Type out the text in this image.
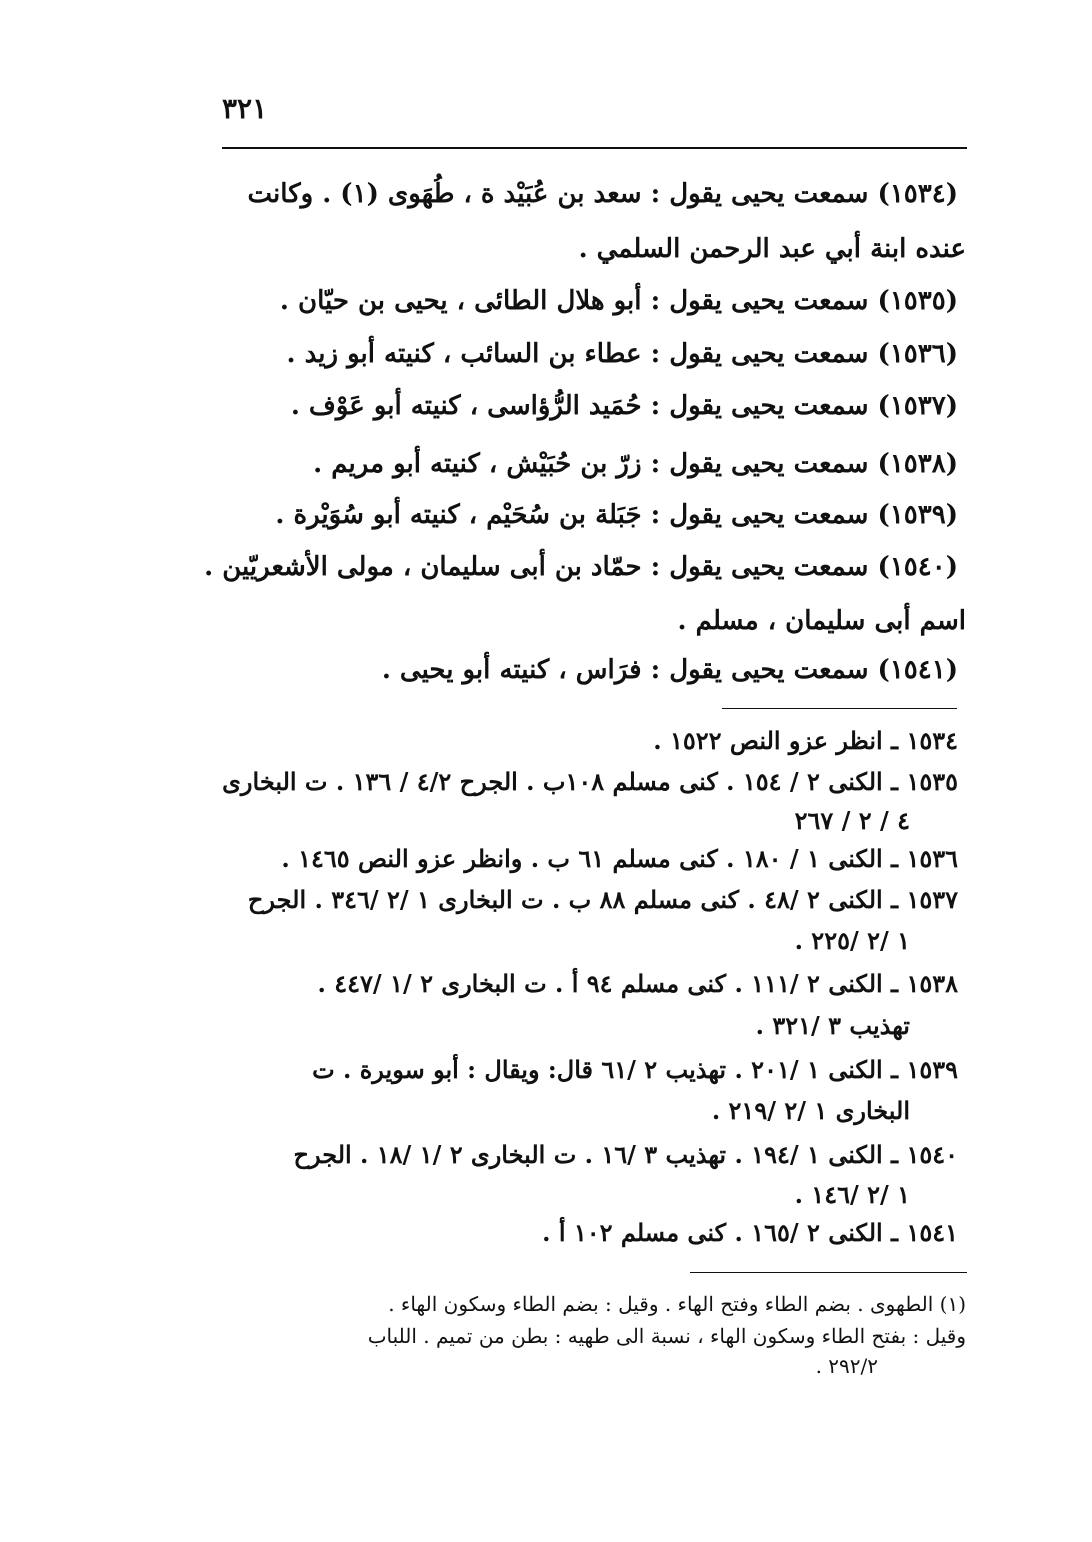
٣٢١
(١٥٣٤) سمعت يحيى يقول : سعد بن عُبَيْد ة ، طُهَوى (١) . وكانت
عنده ابنة أبي عبد الرحمن السلمي .
(١٥٣٥) سمعت يحيى يقول : أبو هلال الطائى ، يحيى بن حيّان .
(١٥٣٦) سمعت يحيى يقول : عطاء بن السائب ، كنيته أبو زيد .
(١٥٣٧) سمعت يحيى يقول : حُمَيد الرُّؤاسى ، كنيته أبو عَوْف .
(١٥٣٨) سمعت يحيى يقول : زرّ بن حُبَيْش ، كنيته أبو مريم .
(١٥٣٩) سمعت يحيى يقول : جَبَلة بن سُحَيْم ، كنيته أبو سُوَيْرة .
(١٥٤٠) سمعت يحيى يقول : حمّاد بن أبى سليمان ، مولى الأشعريّين .
اسم أبى سليمان ، مسلم .
(١٥٤١) سمعت يحيى يقول : فرَاس ، كنيته أبو يحيى .
١٥٣٤ ـ انظر عزو النص ١٥٢٢ .
١٥٣٥ ـ الكنى ٢ / ١٥٤ . كنى مسلم ١٠٨ب . الجرح ٤/٢ / ١٣٦ . ت البخارى
٤ / ٢ / ٢٦٧
١٥٣٦ ـ الكنى ١ / ١٨٠ . كنى مسلم ٦١ ب . وانظر عزو النص ١٤٦٥ .
١٥٣٧ ـ الكنى ٢ /٤٨ . كنى مسلم ٨٨ ب . ت البخارى ١ /٢ /٣٤٦ . الجرح
١ /٢ /٢٢٥ .
١٥٣٨ ـ الكنى ٢ /١١١ . كنى مسلم ٩٤ أ . ت البخارى ٢ /١ /٤٤٧ .
تهذيب ٣ /٣٢١ .
١٥٣٩ ـ الكنى ١ /٢٠١ . تهذيب ٢ /٦١ قال: ويقال : أبو سويرة . ت
البخارى ١ /٢ /٢١٩ .
١٥٤٠ ـ الكنى ١ /١٩٤ . تهذيب ٣ /١٦ . ت البخارى ٢ /١ /١٨ . الجرح
١ /٢ /١٤٦ .
١٥٤١ ـ الكنى ٢ /١٦٥ . كنى مسلم ١٠٢ أ .
(١) الطهوى . بضم الطاء وفتح الهاء . وقيل : بضم الطاء وسكون الهاء .
وقيل : بفتح الطاء وسكون الهاء ، نسبة الى طهيه : بطن من تميم . اللباب
٢٩٢/٢ .
